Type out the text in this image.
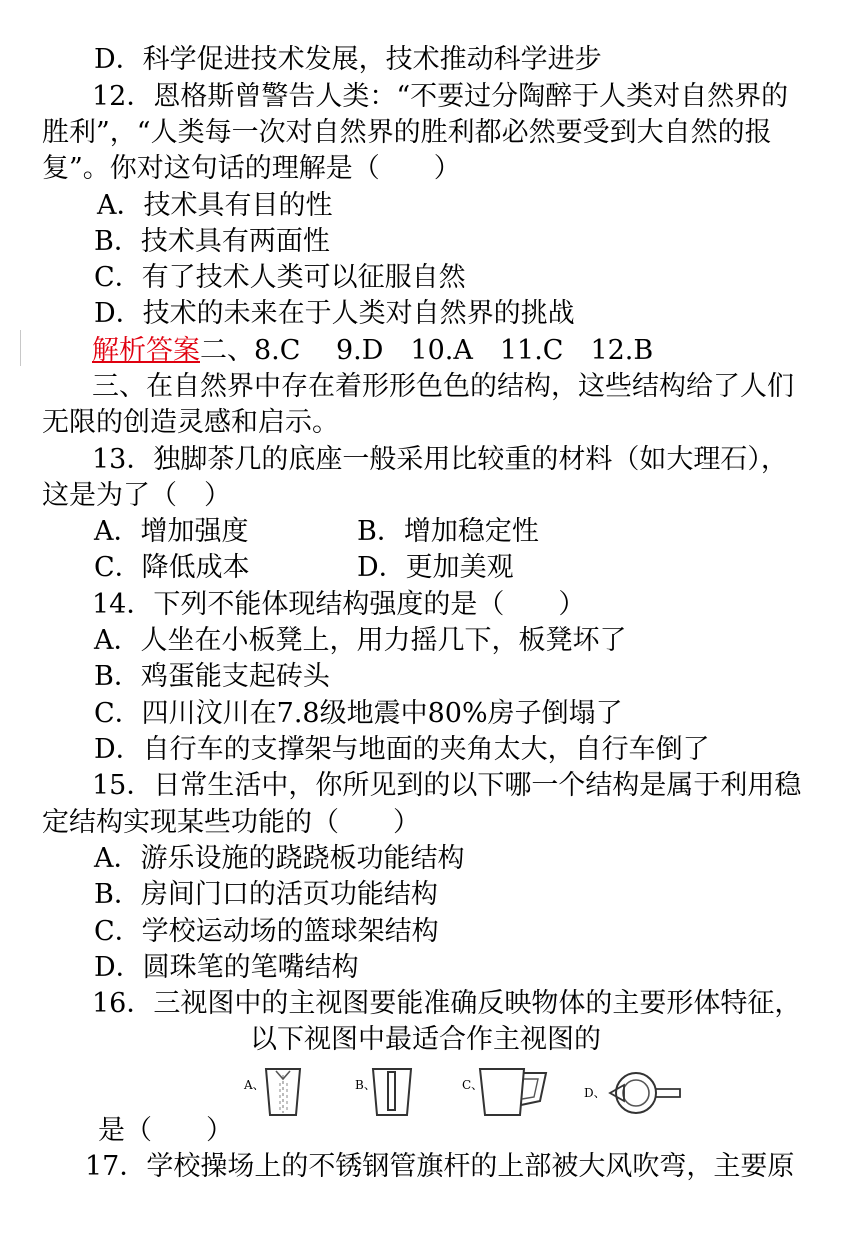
D．科学促进技术发展，技术推动科学进步
12．恩格斯曾警告人类：“不要过分陶醉于人类对自然界的
胜利”，“人类每一次对自然界的胜利都必然要受到大自然的报
复”。你对这句话的理解是（　　）
A．技术具有目的性
B．技术具有两面性
C．有了技术人类可以征服自然
D．技术的未来在于人类对自然界的挑战
解析答案二、8.C　 9.D　10.A　11.C　12.B
三、在自然界中存在着形形色色的结构，这些结构给了人们
无限的创造灵感和启示。
13．独脚茶几的底座一般采用比较重的材料（如大理石），
这是为了（　）
A．增加强度	B．增加稳定性
C．降低成本	D．更加美观
14．下列不能体现结构强度的是（　　）
A．人坐在小板凳上，用力摇几下，板凳坏了
B．鸡蛋能支起砖头
C．四川汶川在7.8级地震中80%房子倒塌了
D．自行车的支撑架与地面的夹角太大，自行车倒了
15．日常生活中，你所见到的以下哪一个结构是属于利用稳
定结构实现某些功能的（　　）
A．游乐设施的跷跷板功能结构
B．房间门口的活页功能结构
C．学校运动场的篮球架结构
D．圆珠笔的笔嘴结构
16．三视图中的主视图要能准确反映物体的主要形体特征，
以下视图中最适合作主视图的
A、	B、	C、
D、
是（　　）
17．学校操场上的不锈钢管旗杆的上部被大风吹弯，主要原
